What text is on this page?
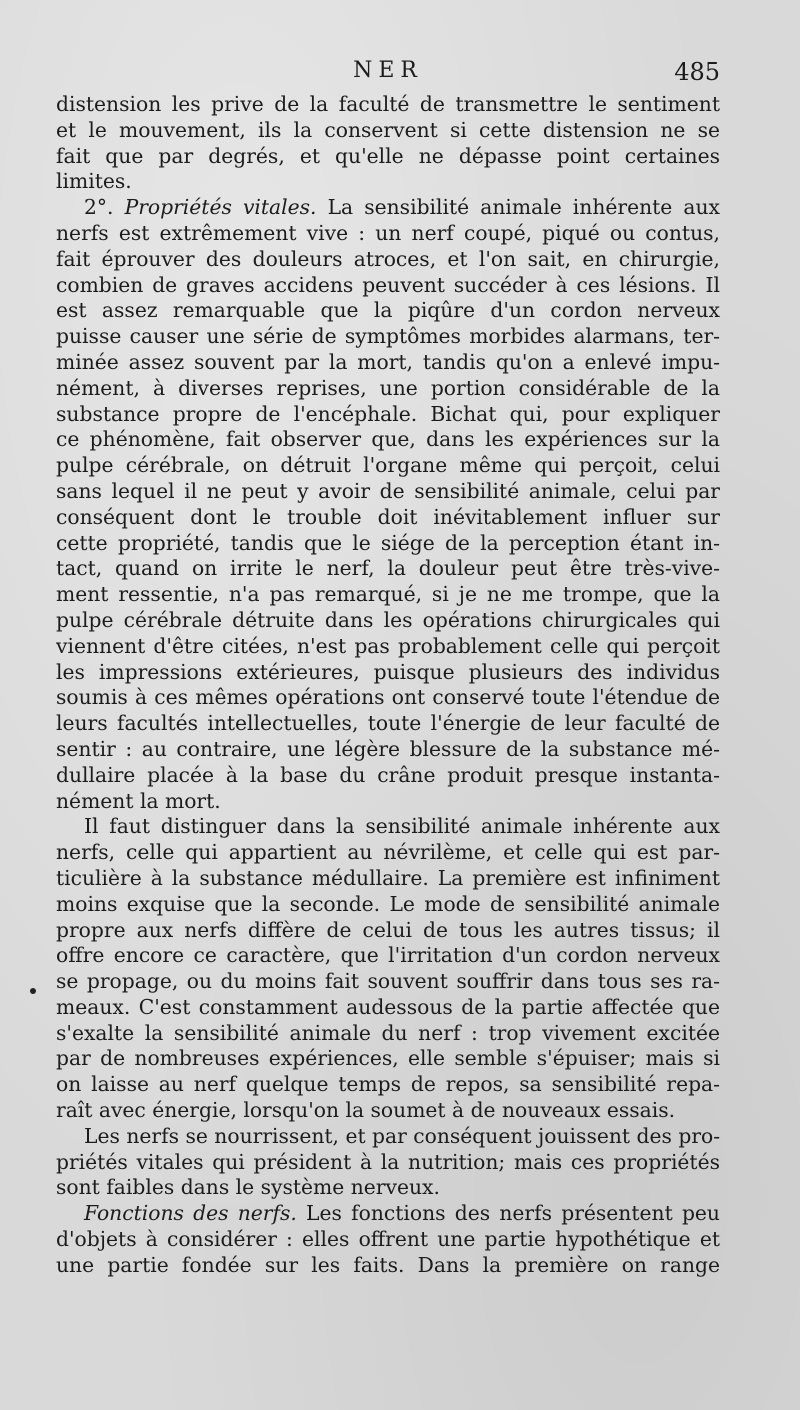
NER	485
distension les prive de la faculté de transmettre le sentiment
et le mouvement, ils la conservent si cette distension ne se
fait que par degrés, et qu'elle ne dépasse point certaines
limites.
2°. Propriétés vitales. La sensibilité animale inhérente aux
nerfs est extrêmement vive : un nerf coupé, piqué ou contus,
fait éprouver des douleurs atroces, et l'on sait, en chirurgie,
combien de graves accidens peuvent succéder à ces lésions. Il
est assez remarquable que la piqûre d'un cordon nerveux
puisse causer une série de symptômes morbides alarmans, ter-
minée assez souvent par la mort, tandis qu'on a enlevé impu-
nément, à diverses reprises, une portion considérable de la
substance propre de l'encéphale. Bichat qui, pour expliquer
ce phénomène, fait observer que, dans les expériences sur la
pulpe cérébrale, on détruit l'organe même qui perçoit, celui
sans lequel il ne peut y avoir de sensibilité animale, celui par
conséquent dont le trouble doit inévitablement influer sur
cette propriété, tandis que le siége de la perception étant in-
tact, quand on irrite le nerf, la douleur peut être très-vive-
ment ressentie, n'a pas remarqué, si je ne me trompe, que la
pulpe cérébrale détruite dans les opérations chirurgicales qui
viennent d'être citées, n'est pas probablement celle qui perçoit
les impressions extérieures, puisque plusieurs des individus
soumis à ces mêmes opérations ont conservé toute l'étendue de
leurs facultés intellectuelles, toute l'énergie de leur faculté de
sentir : au contraire, une légère blessure de la substance mé-
dullaire placée à la base du crâne produit presque instanta-
nément la mort.
Il faut distinguer dans la sensibilité animale inhérente aux
nerfs, celle qui appartient au névrilème, et celle qui est par-
ticulière à la substance médullaire. La première est infiniment
moins exquise que la seconde. Le mode de sensibilité animale
propre aux nerfs diffère de celui de tous les autres tissus; il
offre encore ce caractère, que l'irritation d'un cordon nerveux
se propage, ou du moins fait souvent souffrir dans tous ses ra-
meaux. C'est constamment audessous de la partie affectée que
s'exalte la sensibilité animale du nerf : trop vivement excitée
par de nombreuses expériences, elle semble s'épuiser; mais si
on laisse au nerf quelque temps de repos, sa sensibilité repa-
raît avec énergie, lorsqu'on la soumet à de nouveaux essais.
Les nerfs se nourrissent, et par conséquent jouissent des pro-
priétés vitales qui président à la nutrition; mais ces propriétés
sont faibles dans le système nerveux.
Fonctions des nerfs. Les fonctions des nerfs présentent peu
d'objets à considérer : elles offrent une partie hypothétique et
une partie fondée sur les faits. Dans la première on range
